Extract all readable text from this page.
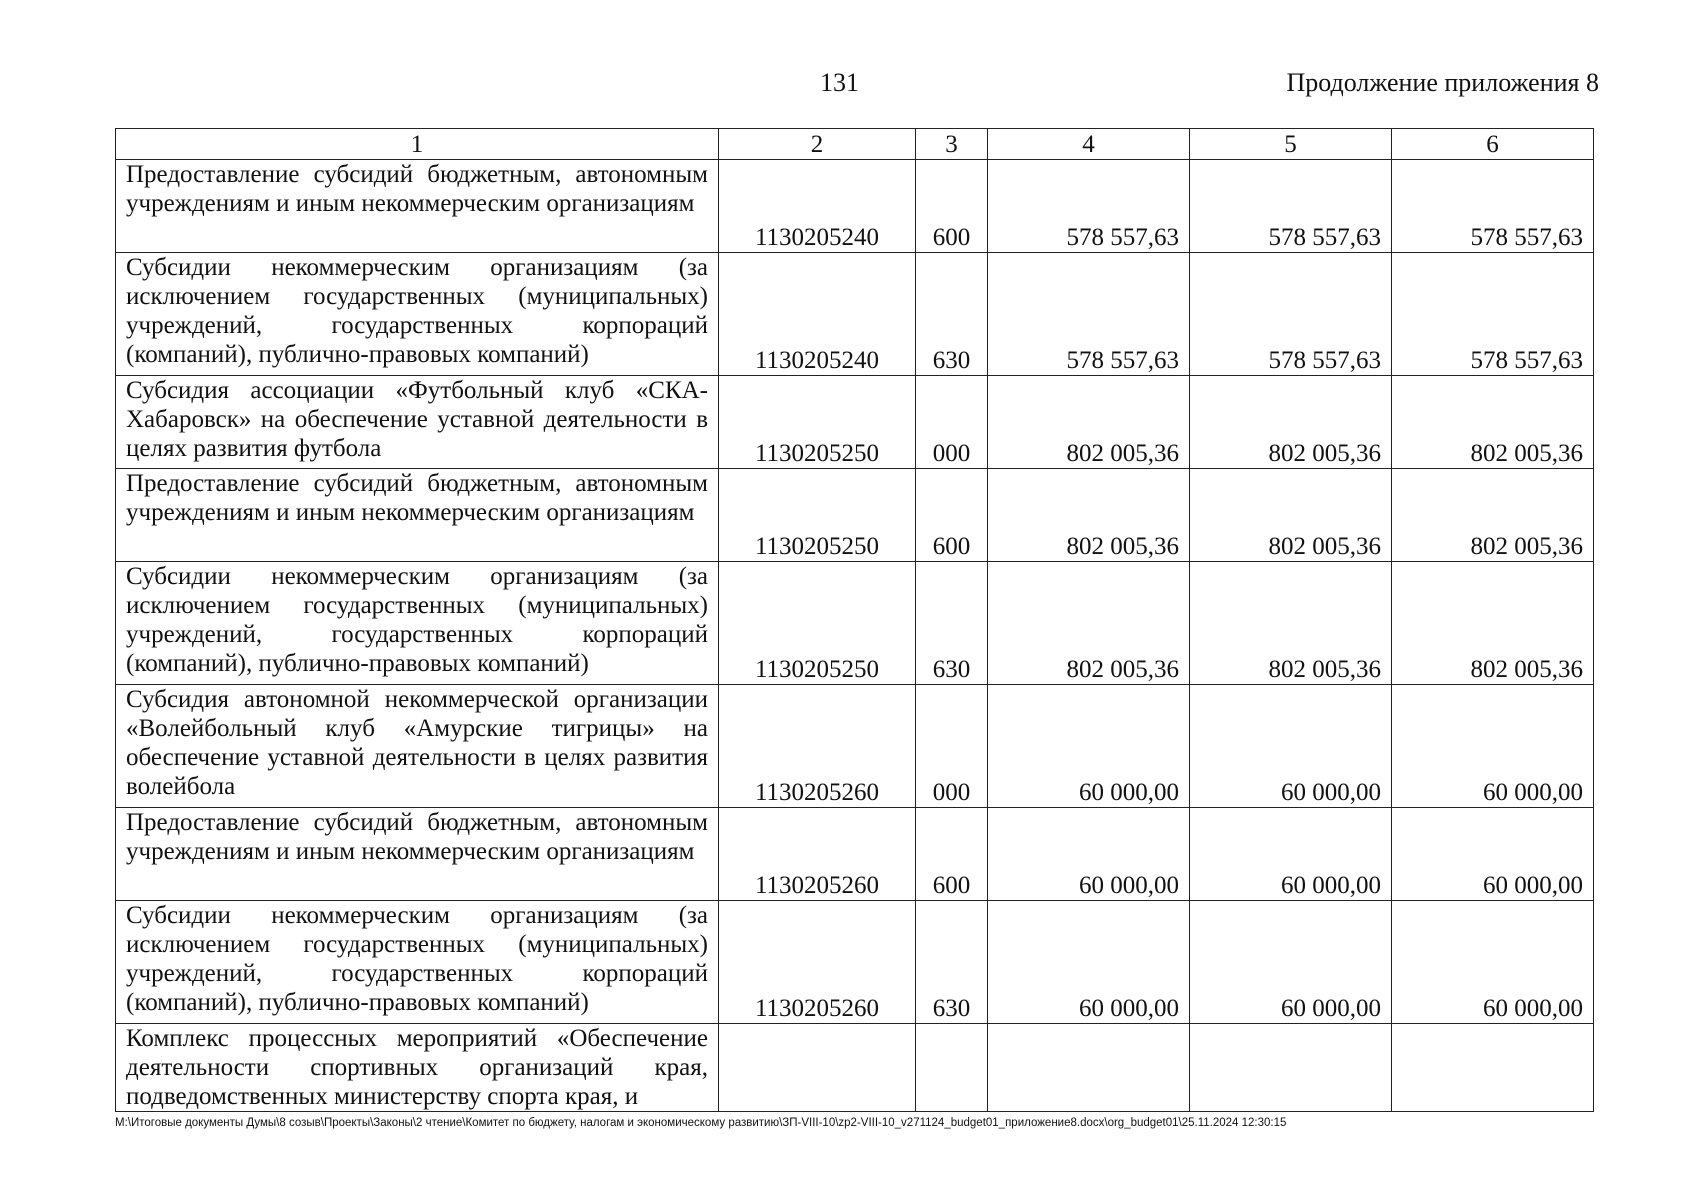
131	Продолжение приложения 8
1	2	3	4	5	6
Предоставление субсидий бюджетным, автономным учреждениям и иным некоммерческим организациям	1130205240	600	578 557,63	578 557,63	578 557,63
Субсидии некоммерческим организациям (за исключением государственных (муниципальных) учреждений, государственных корпораций (компаний), публично-правовых компаний)	1130205240	630	578 557,63	578 557,63	578 557,63
Субсидия ассоциации «Футбольный клуб «СКА-Хабаровск» на обеспечение уставной деятельности в целях развития футбола	1130205250	000	802 005,36	802 005,36	802 005,36
Предоставление субсидий бюджетным, автономным учреждениям и иным некоммерческим организациям	1130205250	600	802 005,36	802 005,36	802 005,36
Субсидии некоммерческим организациям (за исключением государственных (муниципальных) учреждений, государственных корпораций (компаний), публично-правовых компаний)	1130205250	630	802 005,36	802 005,36	802 005,36
Субсидия автономной некоммерческой организации «Волейбольный клуб «Амурские тигрицы» на обеспечение уставной деятельности в целях развития волейбола	1130205260	000	60 000,00	60 000,00	60 000,00
Предоставление субсидий бюджетным, автономным учреждениям и иным некоммерческим организациям	1130205260	600	60 000,00	60 000,00	60 000,00
Субсидии некоммерческим организациям (за исключением государственных (муниципальных) учреждений, государственных корпораций (компаний), публично-правовых компаний)	1130205260	630	60 000,00	60 000,00	60 000,00
Комплекс процессных мероприятий «Обеспечение деятельности спортивных организаций края, подведомственных министерству спорта края, и					
М:\Итоговые документы Думы\8 созыв\Проекты\Законы\2 чтение\Комитет по бюджету, налогам и экономическому развитию\ЗП-VIII-10\zp2-VIII-10_v271124_budget01_приложение8.docx\org_budget01\25.11.2024 12:30:15
